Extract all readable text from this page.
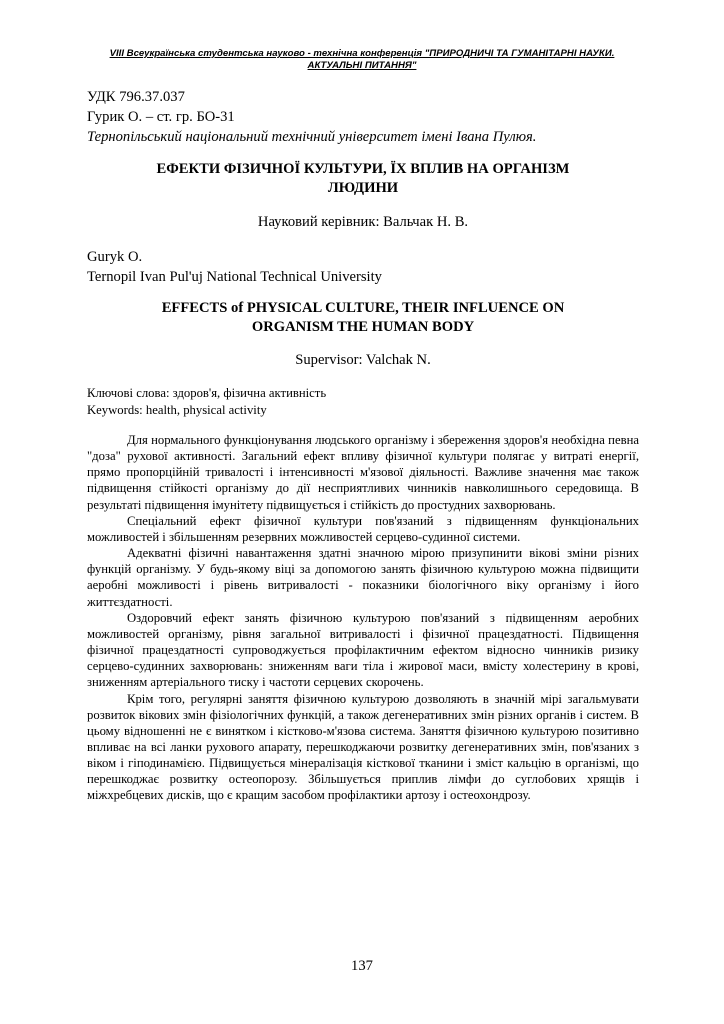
VIII Всеукраїнська студентська науково - технічна конференція "ПРИРОДНИЧІ ТА ГУМАНІТАРНІ НАУКИ.
АКТУАЛЬНІ ПИТАННЯ"
УДК 796.37.037
Гурик О. – ст. гр. БО-31
Тернопільський національний технічний університет імені Івана Пулюя.
ЕФЕКТИ ФІЗИЧНОЇ КУЛЬТУРИ, ЇХ ВПЛИВ НА ОРГАНІЗМ
ЛЮДИНИ
Науковий керівник: Вальчак Н. В.
Guryk O.
Ternopil Ivan Pul'uj National Technical University
EFFECTS of PHYSICAL CULTURE, THEIR INFLUENCE ON
ORGANISM THE HUMAN BODY
Supervisor: Valchak N.
Ключові слова: здоров'я, фізична активність
Keywords: health, physical activity

Для нормального функціонування людського організму і збереження здоров'я необхідна певна "доза" рухової активності. Загальний ефект впливу фізичної культури полягає у витраті енергії, прямо пропорційній тривалості і інтенсивності м'язової діяльності. Важливе значення має також підвищення стійкості організму до дії несприятливих чинників навколишнього середовища. В результаті підвищення імунітету підвищується і стійкість до простудних захворювань.

Спеціальний ефект фізичної культури пов'язаний з підвищенням функціональних можливостей і збільшенням резервних можливостей серцево-судинної системи.

Адекватні фізичні навантаження здатні значною мірою призупинити вікові зміни різних функцій організму. У будь-якому віці за допомогою занять фізичною культурою можна підвищити аеробні можливості і рівень витривалості - показники біологічного віку організму і його життєздатності.

Оздоровчий ефект занять фізичною культурою пов'язаний з підвищенням аеробних можливостей організму, рівня загальної витривалості і фізичної працездатності. Підвищення фізичної працездатності супроводжується профілактичним ефектом відносно чинників ризику серцево-судинних захворювань: зниженням ваги тіла і жирової маси, вмісту холестерину в крові, зниженням артеріального тиску і частоти серцевих скорочень.

Крім того, регулярні заняття фізичною культурою дозволяють в значній мірі загальмувати розвиток вікових змін фізіологічних функцій, а також дегенеративних змін різних органів і систем. В цьому відношенні не є винятком і кістково-м'язова система. Заняття фізичною культурою позитивно впливає на всі ланки рухового апарату, перешкоджаючи розвитку дегенеративних змін, пов'язаних з віком і гіподинамією. Підвищується мінералізація кісткової тканини і зміст кальцію в організмі, що перешкоджає розвитку остеопорозу. Збільшується приплив лімфи до суглобових хрящів і міжхребцевих дисків, що є кращим засобом профілактики артозу і остеохондрозу.

137
